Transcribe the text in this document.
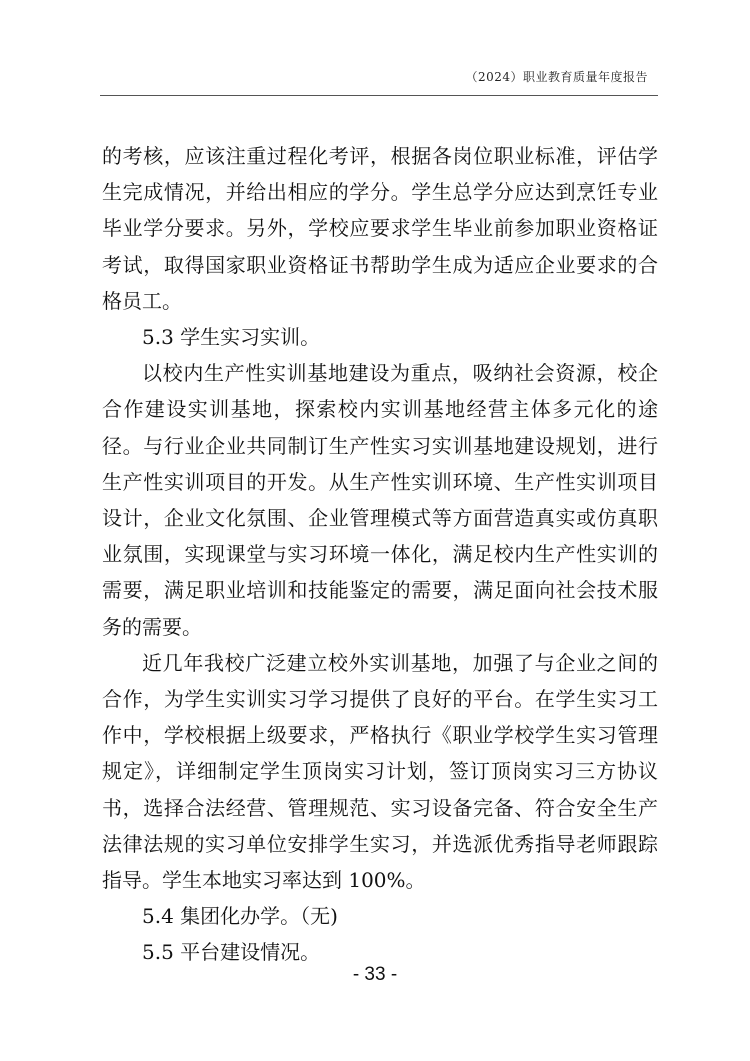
（2024）职业教育质量年度报告

的考核，应该注重过程化考评，根据各岗位职业标准，评估学生完成情况，并给出相应的学分。学生总学分应达到烹饪专业毕业学分要求。另外，学校应要求学生毕业前参加职业资格证考试，取得国家职业资格证书帮助学生成为适应企业要求的合格员工。

5.3 学生实习实训。

以校内生产性实训基地建设为重点，吸纳社会资源，校企合作建设实训基地，探索校内实训基地经营主体多元化的途径。与行业企业共同制订生产性实习实训基地建设规划，进行生产性实训项目的开发。从生产性实训环境、生产性实训项目设计，企业文化氛围、企业管理模式等方面营造真实或仿真职业氛围，实现课堂与实习环境一体化，满足校内生产性实训的需要，满足职业培训和技能鉴定的需要，满足面向社会技术服务的需要。

近几年我校广泛建立校外实训基地，加强了与企业之间的合作，为学生实训实习学习提供了良好的平台。在学生实习工作中，学校根据上级要求，严格执行《职业学校学生实习管理规定》，详细制定学生顶岗实习计划，签订顶岗实习三方协议书，选择合法经营、管理规范、实习设备完备、符合安全生产法律法规的实习单位安排学生实习，并选派优秀指导老师跟踪指导。学生本地实习率达到 100%。

5.4 集团化办学。（无)

5.5 平台建设情况。

- 33 -
